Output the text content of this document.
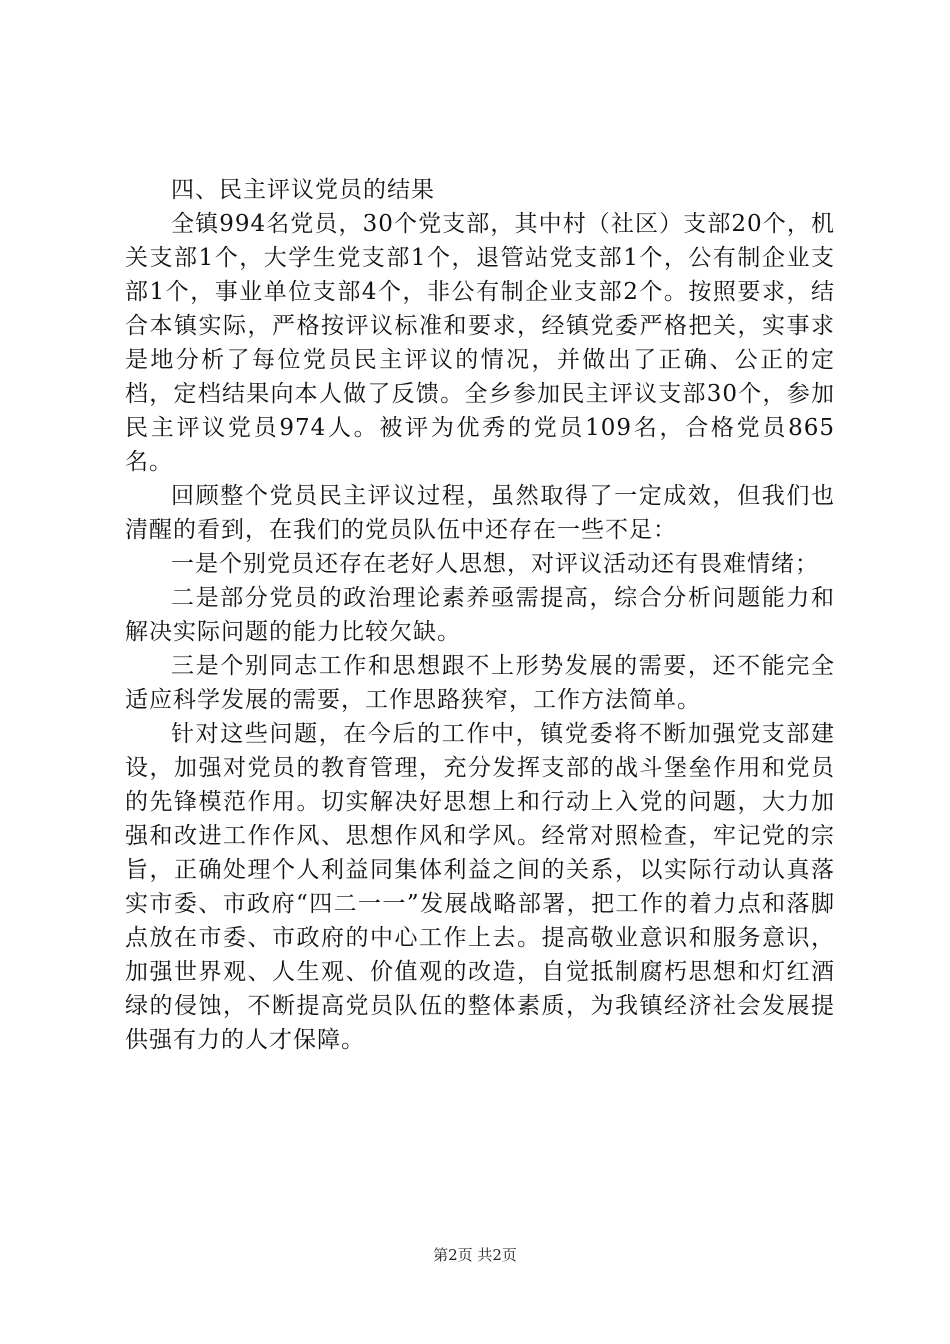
四、民主评议党员的结果

全镇994名党员，30个党支部，其中村（社区）支部20个，机关支部1个，大学生党支部1个，退管站党支部1个，公有制企业支部1个，事业单位支部4个，非公有制企业支部2个。按照要求，结合本镇实际，严格按评议标准和要求，经镇党委严格把关，实事求是地分析了每位党员民主评议的情况，并做出了正确、公正的定档，定档结果向本人做了反馈。全乡参加民主评议支部30个，参加民主评议党员974人。被评为优秀的党员109名，合格党员865名。

回顾整个党员民主评议过程，虽然取得了一定成效，但我们也清醒的看到，在我们的党员队伍中还存在一些不足：

一是个别党员还存在老好人思想，对评议活动还有畏难情绪；

二是部分党员的政治理论素养亟需提高，综合分析问题能力和解决实际问题的能力比较欠缺。

三是个别同志工作和思想跟不上形势发展的需要，还不能完全适应科学发展的需要，工作思路狭窄，工作方法简单。

针对这些问题，在今后的工作中，镇党委将不断加强党支部建设，加强对党员的教育管理，充分发挥支部的战斗堡垒作用和党员的先锋模范作用。切实解决好思想上和行动上入党的问题，大力加强和改进工作作风、思想作风和学风。经常对照检查，牢记党的宗旨，正确处理个人利益同集体利益之间的关系，以实际行动认真落实市委、市政府“四二一一”发展战略部署，把工作的着力点和落脚点放在市委、市政府的中心工作上去。提高敬业意识和服务意识，加强世界观、人生观、价值观的改造，自觉抵制腐朽思想和灯红酒绿的侵蚀，不断提高党员队伍的整体素质，为我镇经济社会发展提供强有力的人才保障。

第2页 共2页
